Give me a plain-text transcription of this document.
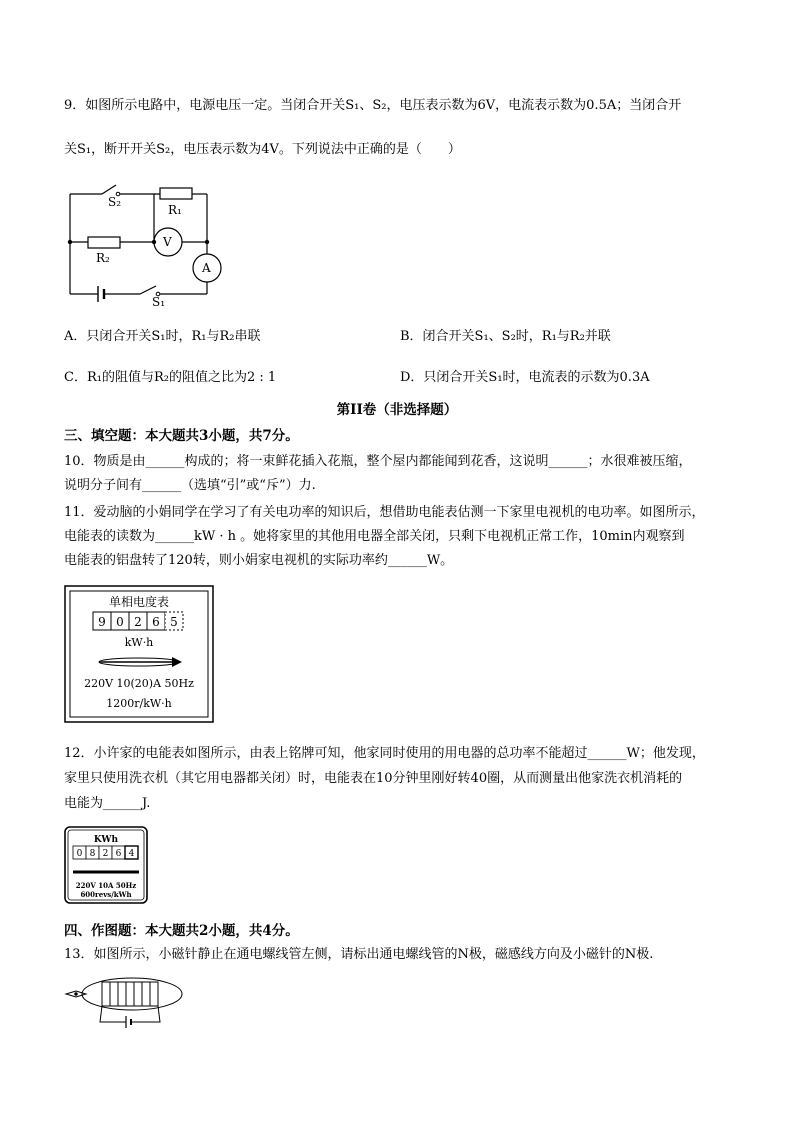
9．如图所示电路中，电源电压一定。当闭合开关S₁、S₂，电压表示数为6V，电流表示数为0.5A；当闭合开
关S₁，断开开关S₂，电压表示数为4V。下列说法中正确的是（　　）
S₂
R₁
R₂
V
A
S₁
A．只闭合开关S₁时，R₁与R₂串联	B．闭合开关S₁、S₂时，R₁与R₂并联
C．R₁的阻值与R₂的阻值之比为2 : 1	D．只闭合开关S₁时，电流表的示数为0.3A
第II卷（非选择题）
三、填空题：本大题共3小题，共7分。
10．物质是由______构成的；将一束鲜花插入花瓶，整个屋内都能闻到花香，这说明______；水很难被压缩，
说明分子间有______（选填“引”或“斥”）力.
11．爱动脑的小娟同学在学习了有关电功率的知识后，想借助电能表估测一下家里电视机的电功率。如图所示，
电能表的读数为______kW · h 。她将家里的其他用电器全部关闭，只剩下电视机正常工作，10min内观察到
电能表的铝盘转了120转，则小娟家电视机的实际功率约______W。
单相电度表
9 0 2 6 5
kW·h
220V 10(20)A 50Hz
1200r/kW·h
12．小许家的电能表如图所示，由表上铭牌可知，他家同时使用的用电器的总功率不能超过______W；他发现，
家里只使用洗衣机（其它用电器都关闭）时，电能表在10分钟里刚好转40圈，从而测量出他家洗衣机消耗的
电能为______J.
KWh
0 8 2 6 4
220V 10A 50Hz
600revs/kWh
四、作图题：本大题共2小题，共4分。
13．如图所示，小磁针静止在通电螺线管左侧，请标出通电螺线管的N极，磁感线方向及小磁针的N极.
